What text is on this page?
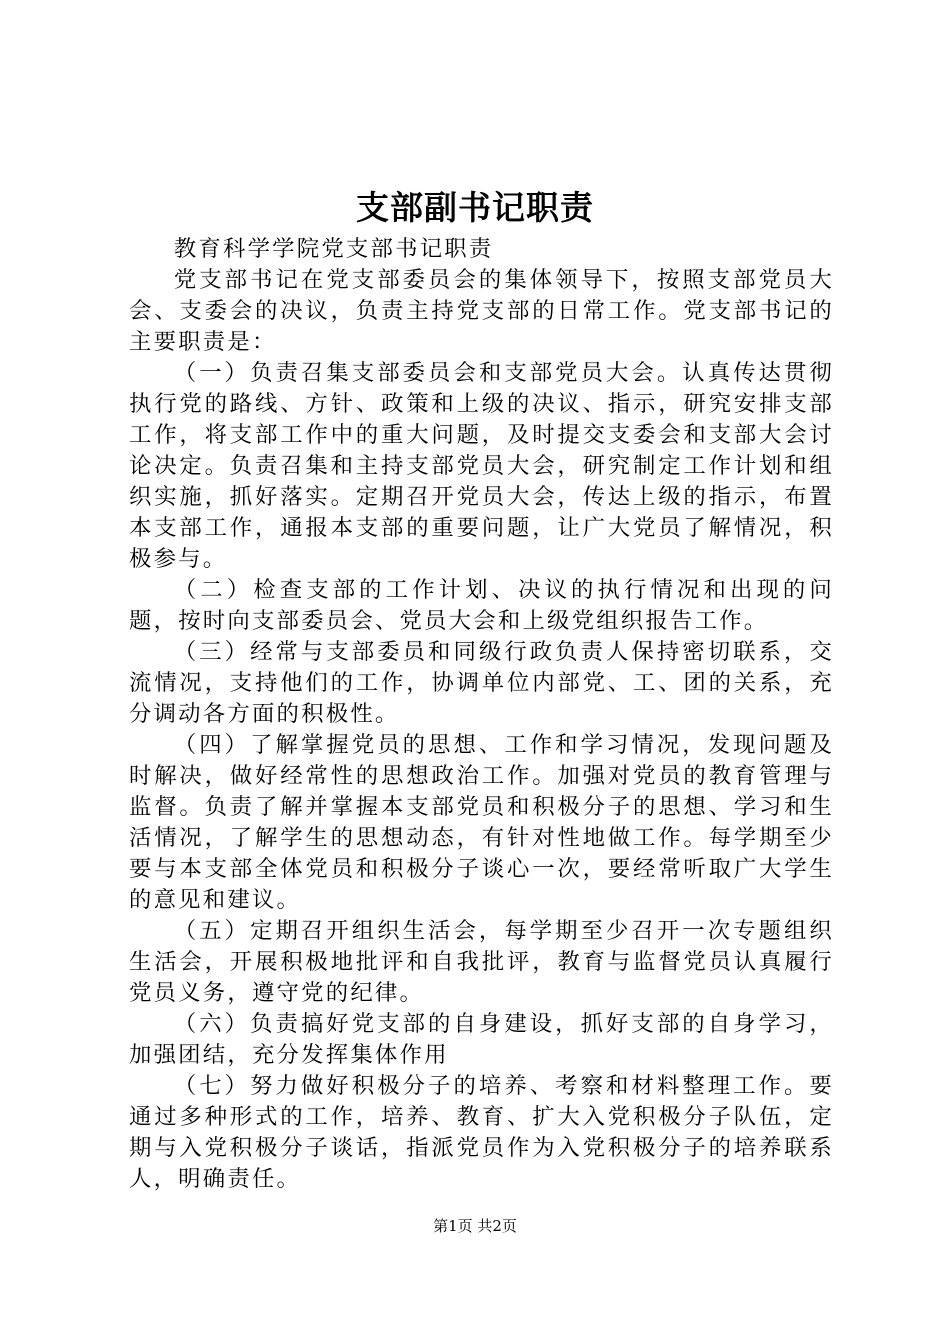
支部副书记职责

教育科学学院党支部书记职责

党支部书记在党支部委员会的集体领导下，按照支部党员大会、支委会的决议，负责主持党支部的日常工作。党支部书记的主要职责是：

（一）负责召集支部委员会和支部党员大会。认真传达贯彻执行党的路线、方针、政策和上级的决议、指示，研究安排支部工作，将支部工作中的重大问题，及时提交支委会和支部大会讨论决定。负责召集和主持支部党员大会，研究制定工作计划和组织实施，抓好落实。定期召开党员大会，传达上级的指示，布置本支部工作，通报本支部的重要问题，让广大党员了解情况，积极参与。

（二）检查支部的工作计划、决议的执行情况和出现的问题，按时向支部委员会、党员大会和上级党组织报告工作。

（三）经常与支部委员和同级行政负责人保持密切联系，交流情况，支持他们的工作，协调单位内部党、工、团的关系，充分调动各方面的积极性。

（四）了解掌握党员的思想、工作和学习情况，发现问题及时解决，做好经常性的思想政治工作。加强对党员的教育管理与监督。负责了解并掌握本支部党员和积极分子的思想、学习和生活情况，了解学生的思想动态，有针对性地做工作。每学期至少要与本支部全体党员和积极分子谈心一次，要经常听取广大学生的意见和建议。

（五）定期召开组织生活会，每学期至少召开一次专题组织生活会，开展积极地批评和自我批评，教育与监督党员认真履行党员义务，遵守党的纪律。

（六）负责搞好党支部的自身建设，抓好支部的自身学习，加强团结，充分发挥集体作用

（七）努力做好积极分子的培养、考察和材料整理工作。要通过多种形式的工作，培养、教育、扩大入党积极分子队伍，定期与入党积极分子谈话，指派党员作为入党积极分子的培养联系人，明确责任。

第1页 共2页
